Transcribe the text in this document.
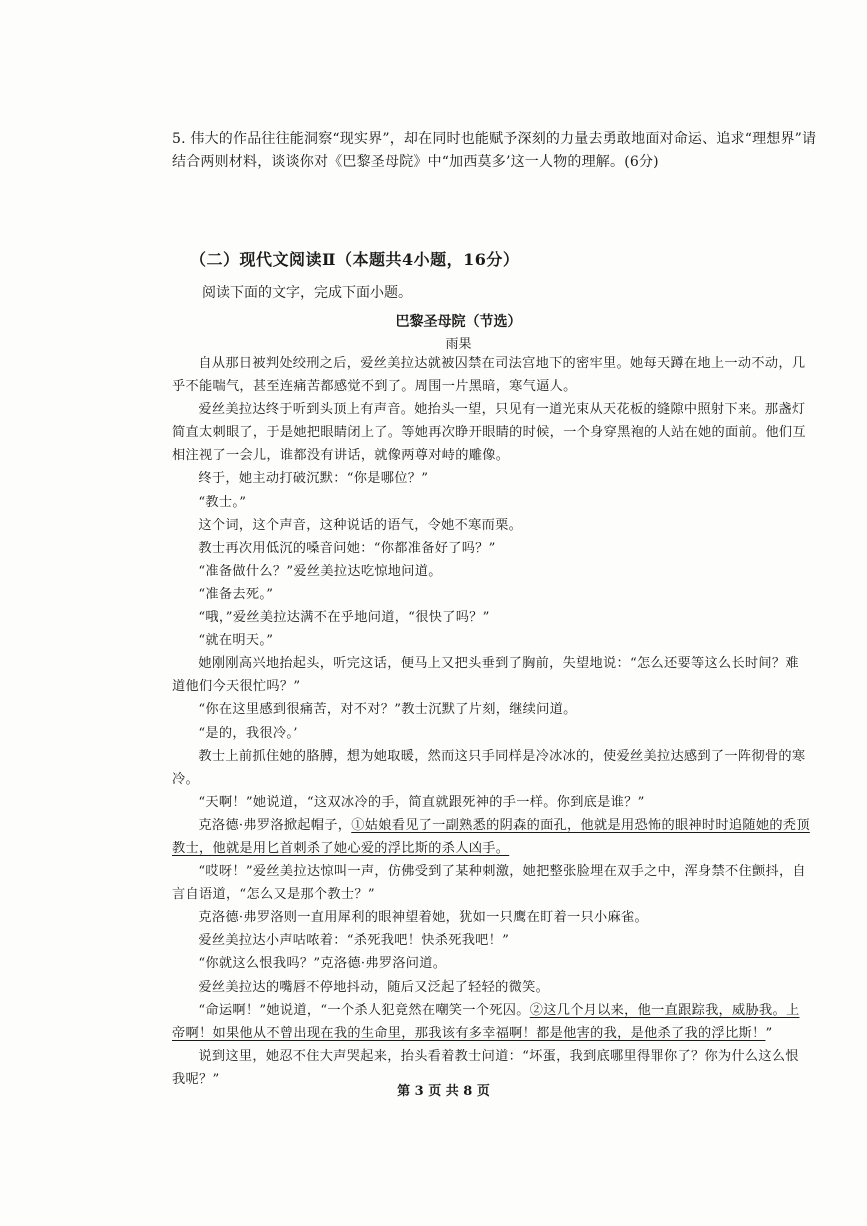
5. 伟大的作品往往能洞察“现实界”，却在同时也能赋予深刻的力量去勇敢地面对命运、追求“理想界”请结合两则材料，谈谈你对《巴黎圣母院》中“加西莫多’这一人物的理解。(6分)
（二）现代文阅读Ⅱ（本题共4小题，16分）
阅读下面的文字，完成下面小题。
巴黎圣母院（节选）
雨果

自从那日被判处绞刑之后，爱丝美拉达就被囚禁在司法宫地下的密牢里。她每天蹲在地上一动不动，几乎不能喘气，甚至连痛苦都感觉不到了。周围一片黑暗，寒气逼人。

爱丝美拉达终于听到头顶上有声音。她抬头一望，只见有一道光束从天花板的缝隙中照射下来。那盏灯简直太刺眼了，于是她把眼睛闭上了。等她再次睁开眼睛的时候，一个身穿黑袍的人站在她的面前。他们互相注视了一会儿，谁都没有讲话，就像两尊对峙的雕像。

终于，她主动打破沉默：“你是哪位？”

“教士。”

这个词，这个声音，这种说话的语气，令她不寒而栗。

教士再次用低沉的嗓音问她：“你都准备好了吗？”

“准备做什么？”爱丝美拉达吃惊地问道。

“准备去死。”

“哦，”爱丝美拉达满不在乎地问道，“很快了吗？”

“就在明天。”

她刚刚高兴地抬起头，听完这话，便马上又把头垂到了胸前，失望地说：“怎么还要等这么长时间？难道他们今天很忙吗？”

“你在这里感到很痛苦，对不对？”教士沉默了片刻，继续问道。

“是的，我很冷。’

教士上前抓住她的胳膊，想为她取暖，然而这只手同样是冷冰冰的，使爱丝美拉达感到了一阵彻骨的寒冷。

“天啊！”她说道，“这双冰冷的手，简直就跟死神的手一样。你到底是谁？”

克洛德·弗罗洛掀起帽子，①姑娘看见了一副熟悉的阴森的面孔，他就是用恐怖的眼神时时追随她的秃顶教士，他就是用匕首刺杀了她心爱的浮比斯的杀人凶手。

“哎呀！”爱丝美拉达惊叫一声，仿佛受到了某种刺激，她把整张脸埋在双手之中，浑身禁不住颤抖，自言自语道，“怎么又是那个教士？”

克洛德·弗罗洛则一直用犀利的眼神望着她，犹如一只鹰在盯着一只小麻雀。

爱丝美拉达小声咕哝着：“杀死我吧！快杀死我吧！”

“你就这么恨我吗？”克洛德·弗罗洛问道。

爱丝美拉达的嘴唇不停地抖动，随后又泛起了轻轻的微笑。

“命运啊！”她说道，“一个杀人犯竟然在嘲笑一个死囚。②这几个月以来，他一直跟踪我，威胁我。上帝啊！如果他从不曾出现在我的生命里，那我该有多幸福啊！都是他害的我，是他杀了我的浮比斯！”

说到这里，她忍不住大声哭起来，抬头看着教士问道：“坏蛋，我到底哪里得罪你了？你为什么这么恨我呢？”

第 3 页 共 8 页
